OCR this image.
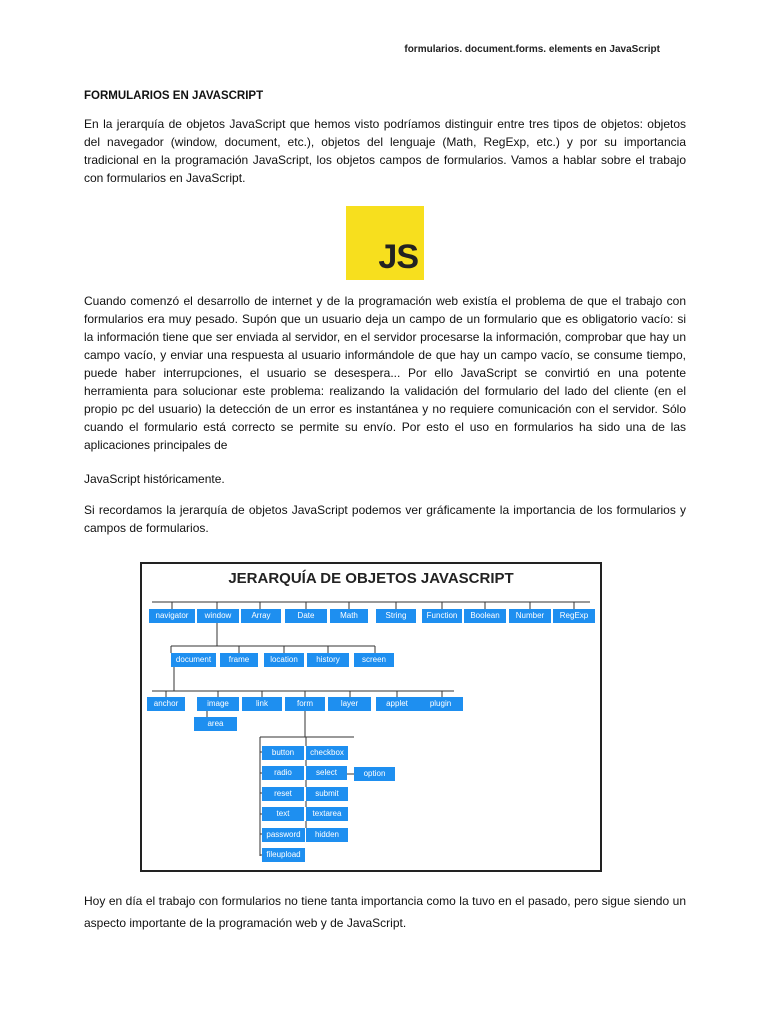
formularios. document.forms. elements en JavaScript
FORMULARIOS EN JAVASCRIPT

En la jerarquía de objetos JavaScript que hemos visto podríamos distinguir entre tres tipos de objetos: objetos del navegador (window, document, etc.), objetos del lenguaje (Math, RegExp, etc.) y por su importancia tradicional en la programación JavaScript, los objetos campos de formularios. Vamos a hablar sobre el trabajo con formularios en JavaScript.

JS

Cuando comenzó el desarrollo de internet y de la programación web existía el problema de que el trabajo con formularios era muy pesado. Supón que un usuario deja un campo de un formulario que es obligatorio vacío: si la información tiene que ser enviada al servidor, en el servidor procesarse la información, comprobar que hay un campo vacío, y enviar una respuesta al usuario informándole de que hay un campo vacío, se consume tiempo, puede haber interrupciones, el usuario se desespera... Por ello JavaScript se convirtió en una potente herramienta para solucionar este problema: realizando la validación del formulario del lado del cliente (en el propio pc del usuario) la detección de un error es instantánea y no requiere comunicación con el servidor. Sólo cuando el formulario está correcto se permite su envío. Por esto el uso en formularios ha sido una de las aplicaciones principales de

JavaScript históricamente.

Si recordamos la jerarquía de objetos JavaScript podemos ver gráficamente la importancia de los formularios y campos de formularios.

JERARQUÍA DE OBJETOS JAVASCRIPT
navigator	window	Array	Date	Math	String	Function	Boolean	Number	RegExp
document	frame	location	history	screen
anchor	image	link	form	layer	applet	plugin
area
button	checkbox
radio	select	option
reset	submit
text	textarea
password	hidden
fileupload

Hoy en día el trabajo con formularios no tiene tanta importancia como la tuvo en el pasado, pero sigue siendo un aspecto importante de la programación web y de JavaScript.
